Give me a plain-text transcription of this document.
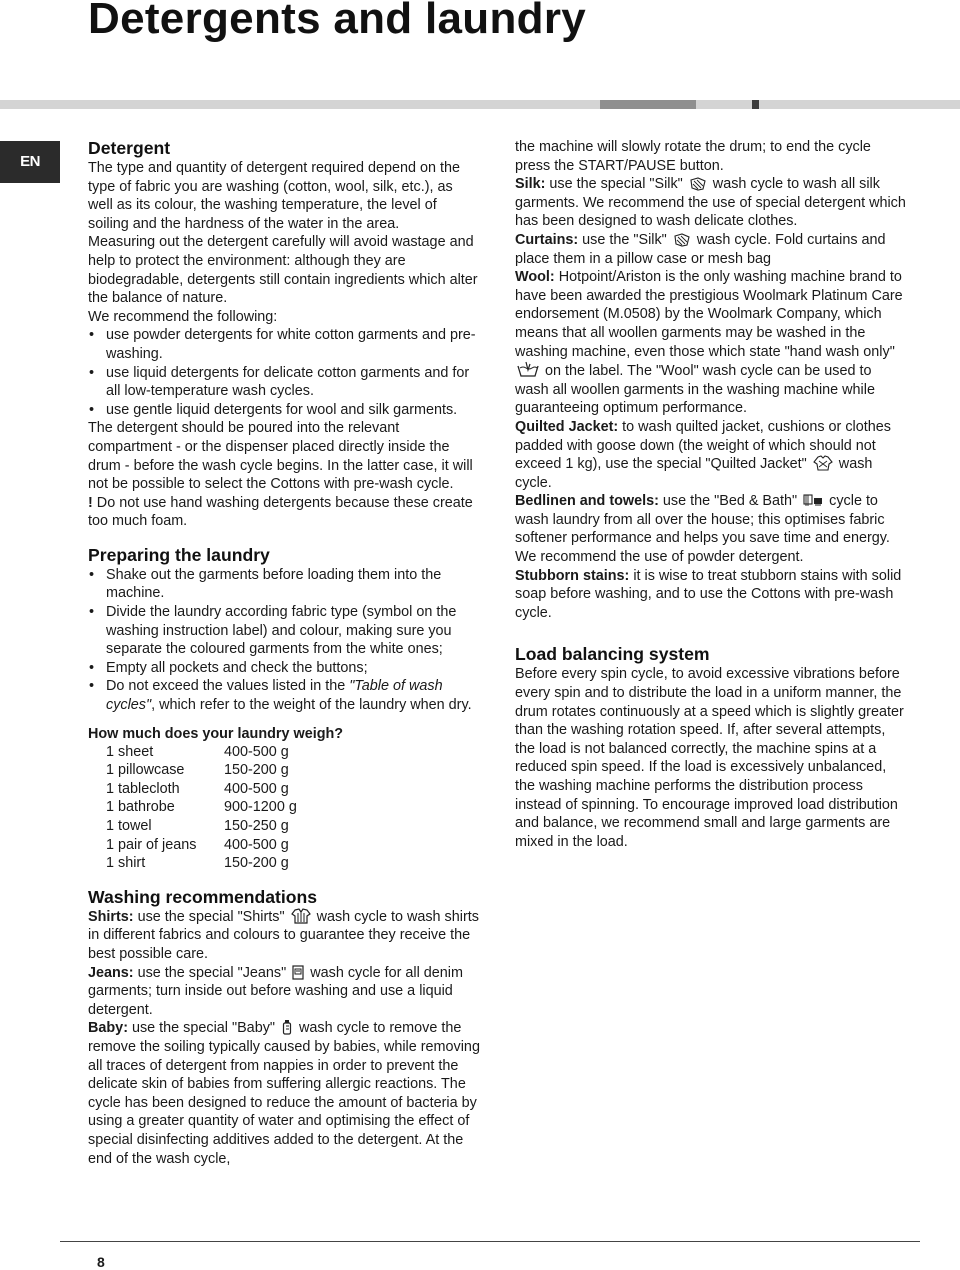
Detergents and laundry
EN
Detergent

The type and quantity of detergent required depend on the type of fabric you are washing (cotton, wool, silk, etc.), as well as its colour, the washing temperature, the level of soiling and the hardness of the water in the area.

Measuring out the detergent carefully will avoid wastage and help to protect the environment: although they are biodegradable, detergents still contain ingredients which alter the balance of nature.

We recommend the following:

• use powder detergents for white cotton garments and pre-washing.
• use liquid detergents for delicate cotton garments and for all low-temperature wash cycles.
• use gentle liquid detergents for wool and silk garments.

The detergent should be poured into the relevant compartment - or the dispenser placed directly inside the drum - before the wash cycle begins. In the latter case, it will not be possible to select the Cottons with pre-wash cycle.

! Do not use hand washing detergents because these create too much foam.

Preparing the laundry
• Shake out the garments before loading them into the machine.
• Divide the laundry according fabric type (symbol on the washing instruction label) and colour, making sure you separate the coloured garments from the white ones;
• Empty all pockets and check the buttons;
• Do not exceed the values listed in the "Table of wash cycles", which refer to the weight of the laundry when dry.
How much does your laundry weigh?
1 sheet	400-500 g
1 pillowcase	150-200 g
1 tablecloth	400-500 g
1 bathrobe	900-1200 g
1 towel	150-250 g
1 pair of jeans	400-500 g
1 shirt	150-200 g
Washing recommendations

Shirts: use the special "Shirts"  wash cycle to wash shirts in different fabrics and colours to guarantee they receive the best possible care.

Jeans: use the special "Jeans"  wash cycle for all denim garments; turn inside out before washing and use a liquid detergent.

Baby: use the special "Baby"  wash cycle to remove the remove the soiling typically caused by babies, while removing all traces of detergent from nappies in order to prevent the delicate skin of babies from suffering allergic reactions. The cycle has been designed to reduce the amount of bacteria by using a greater quantity of water and optimising the effect of special disinfecting additives added to the detergent. At the end of the wash cycle,

the machine will slowly rotate the drum; to end the cycle press the START/PAUSE button.

Silk: use the special "Silk"  wash cycle to wash all silk garments. We recommend the use of special detergent which has been designed to wash delicate clothes.

Curtains: use the "Silk"  wash cycle. Fold curtains and place them in a pillow case or mesh bag

Wool: Hotpoint/Ariston is the only washing machine brand to have been awarded the prestigious Woolmark Platinum Care endorsement (M.0508) by the Woolmark Company, which means that all woollen garments may be washed in the washing machine, even those which state "hand wash only"  on the label. The "Wool" wash cycle can be used to wash all woollen garments in the washing machine while guaranteeing optimum performance.

Quilted Jacket: to wash quilted jacket, cushions or clothes padded with goose down (the weight of which should not exceed 1 kg), use the special "Quilted Jacket"  wash cycle.

Bedlinen and towels: use the "Bed & Bath"  cycle to wash laundry from all over the house; this optimises fabric softener performance and helps you save time and energy. We recommend the use of powder detergent.

Stubborn stains: it is wise to treat stubborn stains with solid soap before washing, and to use the Cottons with pre-wash cycle.

Load balancing system

Before every spin cycle, to avoid excessive vibrations before every spin and to distribute the load in a uniform manner, the drum rotates continuously at a speed which is slightly greater than the washing rotation speed. If, after several attempts, the load is not balanced correctly, the machine spins at a reduced spin speed. If the load is excessively unbalanced, the washing machine performs the distribution process instead of spinning. To encourage improved load distribution and balance, we recommend small and large garments are mixed in the load.

8
